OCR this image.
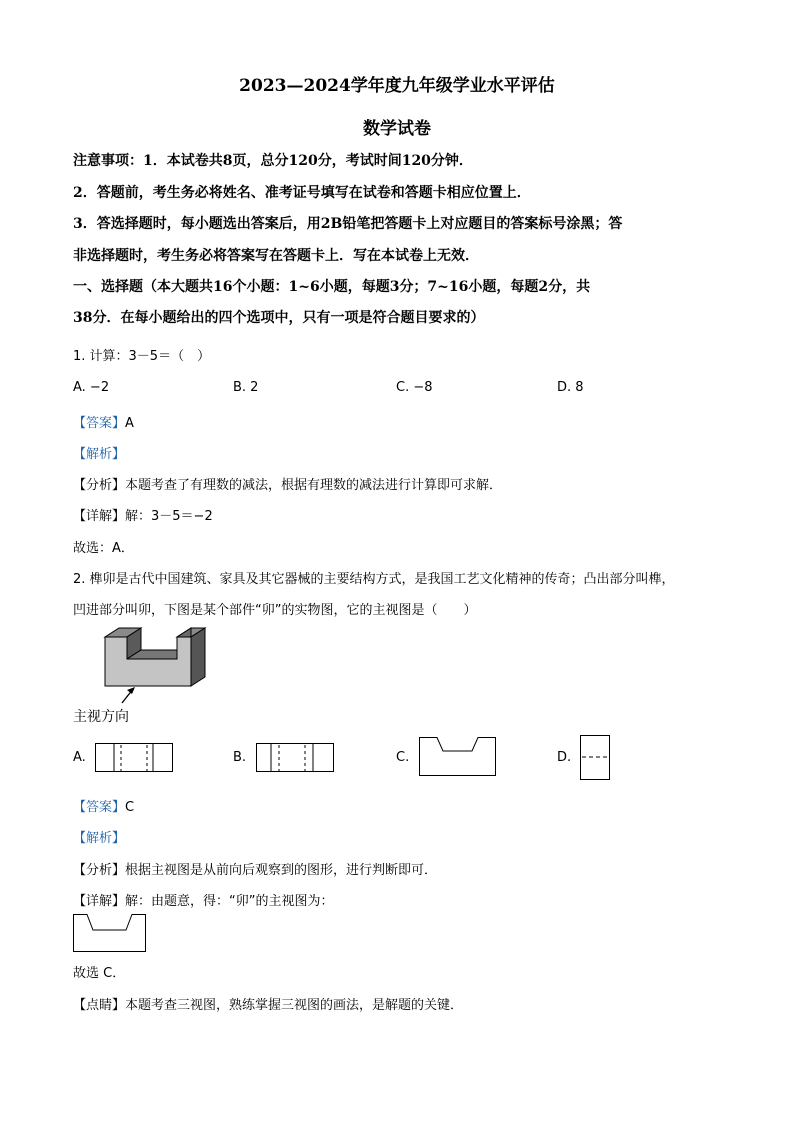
2023—2024学年度九年级学业水平评估
数学试卷
注意事项：1．本试卷共8页，总分120分，考试时间120分钟．
2．答题前，考生务必将姓名、准考证号填写在试卷和答题卡相应位置上．
3．答选择题时，每小题选出答案后，用2B铅笔把答题卡上对应题目的答案标号涂黑；答
非选择题时，考生务必将答案写在答题卡上．写在本试卷上无效．
一、选择题（本大题共16个小题：1~6小题，每题3分；7~16小题，每题2分，共
38分．在每小题给出的四个选项中，只有一项是符合题目要求的）
1. 计算：3－5＝（　）
A. −2	B. 2	C. −8	D. 8
【答案】A
【解析】
【分析】本题考查了有理数的减法，根据有理数的减法进行计算即可求解．
【详解】解：3－5＝−2
故选：A．
2. 榫卯是古代中国建筑、家具及其它器械的主要结构方式，是我国工艺文化精神的传奇；凸出部分叫榫，
凹进部分叫卯，下图是某个部件“卯”的实物图，它的主视图是（　　）
主视方向
A.	B.	C.	D.
【答案】C
【解析】
【分析】根据主视图是从前向后观察到的图形，进行判断即可．
【详解】解：由题意，得：“卯”的主视图为：
故选 C．
【点睛】本题考查三视图，熟练掌握三视图的画法，是解题的关键．
